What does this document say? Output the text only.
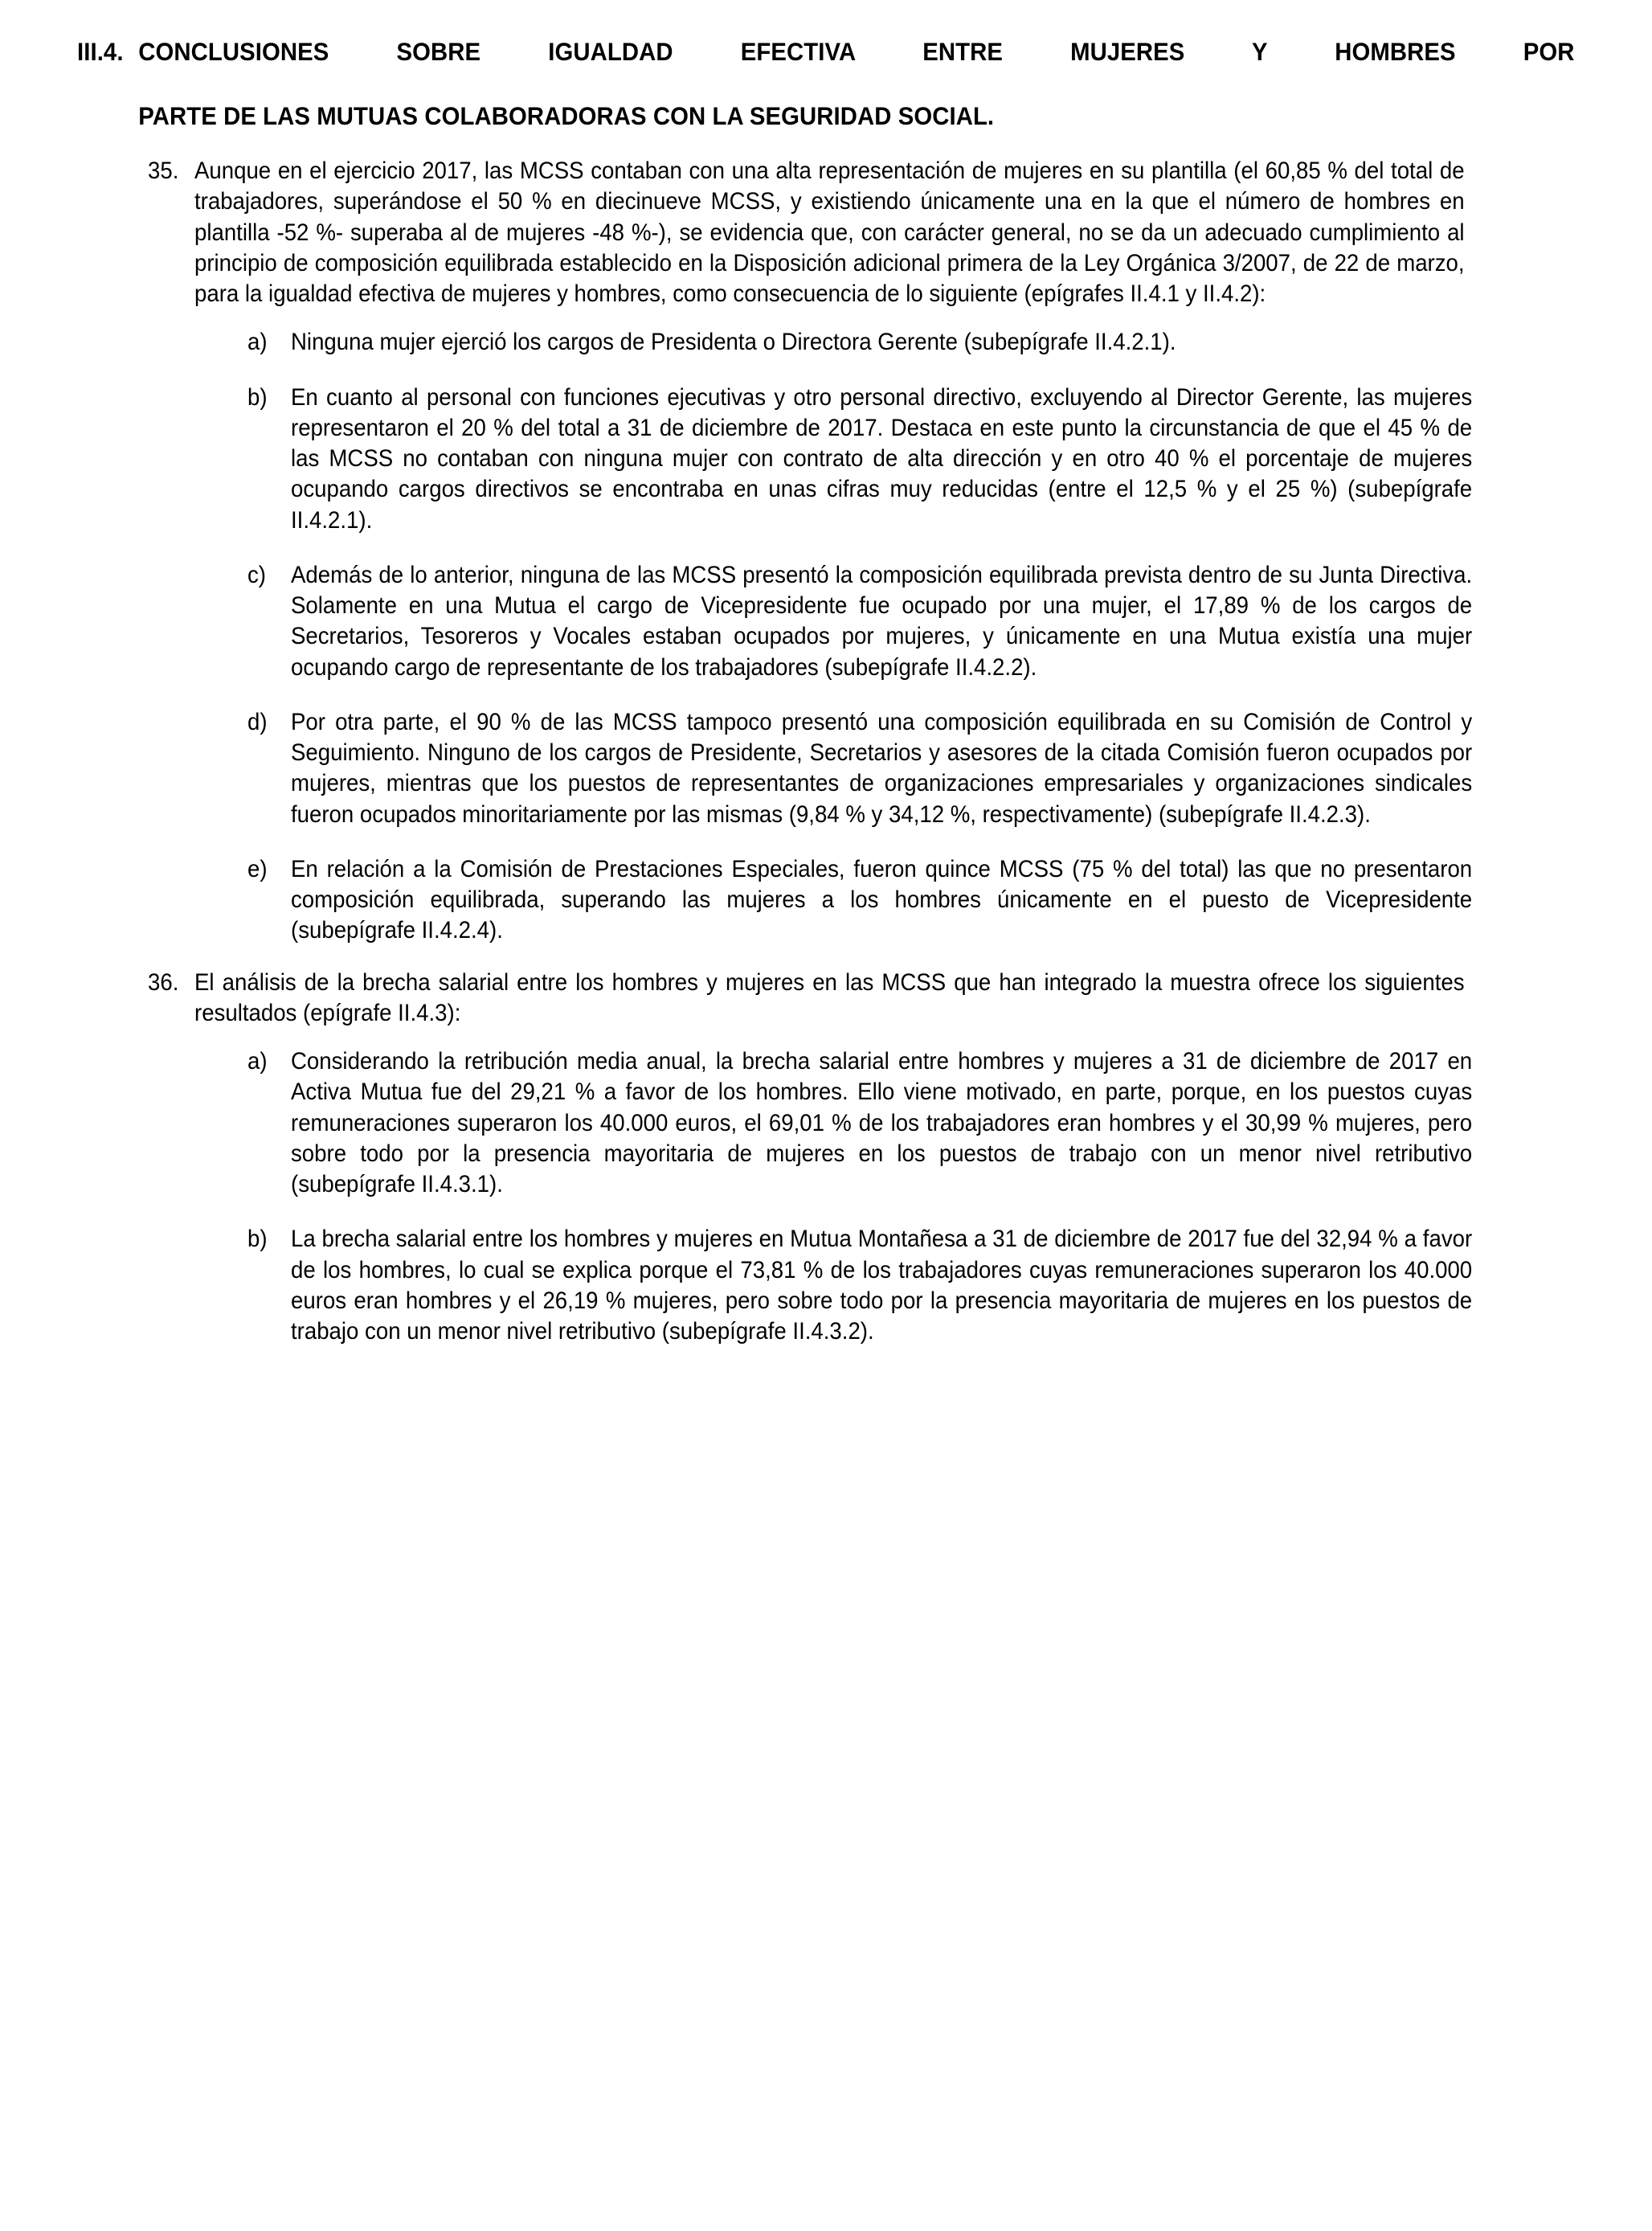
III.4. CONCLUSIONES SOBRE IGUALDAD EFECTIVA ENTRE MUJERES Y HOMBRES POR
PARTE DE LAS MUTUAS COLABORADORAS CON LA SEGURIDAD SOCIAL.
35. Aunque en el ejercicio 2017, las MCSS contaban con una alta representación de mujeres en su plantilla (el 60,85 % del total de trabajadores, superándose el 50 % en diecinueve MCSS, y existiendo únicamente una en la que el número de hombres en plantilla -52 %- superaba al de mujeres -48 %-), se evidencia que, con carácter general, no se da un adecuado cumplimiento al principio de composición equilibrada establecido en la Disposición adicional primera de la Ley Orgánica 3/2007, de 22 de marzo, para la igualdad efectiva de mujeres y hombres, como consecuencia de lo siguiente (epígrafes II.4.1 y II.4.2):
a) Ninguna mujer ejerció los cargos de Presidenta o Directora Gerente (subepígrafe II.4.2.1).
b) En cuanto al personal con funciones ejecutivas y otro personal directivo, excluyendo al Director Gerente, las mujeres representaron el 20 % del total a 31 de diciembre de 2017. Destaca en este punto la circunstancia de que el 45 % de las MCSS no contaban con ninguna mujer con contrato de alta dirección y en otro 40 % el porcentaje de mujeres ocupando cargos directivos se encontraba en unas cifras muy reducidas (entre el 12,5 % y el 25 %) (subepígrafe II.4.2.1).
c)	Además de lo anterior, ninguna de las MCSS presentó la composición equilibrada prevista dentro de su Junta Directiva. Solamente en una Mutua el cargo de Vicepresidente fue ocupado por una mujer, el 17,89 % de los cargos de Secretarios, Tesoreros y Vocales estaban ocupados por mujeres, y únicamente en una Mutua existía una mujer ocupando cargo de representante de los trabajadores (subepígrafe II.4.2.2).
d) Por otra parte, el 90 % de las MCSS tampoco presentó una composición equilibrada en su Comisión de Control y Seguimiento. Ninguno de los cargos de Presidente, Secretarios y asesores de la citada Comisión fueron ocupados por mujeres, mientras que los puestos de representantes de organizaciones empresariales y organizaciones sindicales fueron ocupados minoritariamente por las mismas (9,84 % y 34,12 %, respectivamente) (subepígrafe II.4.2.3).
e) En relación a la Comisión de Prestaciones Especiales, fueron quince MCSS (75 % del total) las que no presentaron composición equilibrada, superando las mujeres a los hombres únicamente en el puesto de Vicepresidente (subepígrafe II.4.2.4).
36. El análisis de la brecha salarial entre los hombres y mujeres en las MCSS que han integrado la muestra ofrece los siguientes resultados (epígrafe II.4.3):
a) Considerando la retribución media anual, la brecha salarial entre hombres y mujeres a 31 de diciembre de 2017 en Activa Mutua fue del 29,21 % a favor de los hombres. Ello viene motivado, en parte, porque, en los puestos cuyas remuneraciones superaron los 40.000 euros, el 69,01 % de los trabajadores eran hombres y el 30,99 % mujeres, pero sobre todo por la presencia mayoritaria de mujeres en los puestos de trabajo con un menor nivel retributivo (subepígrafe II.4.3.1).
b) La brecha salarial entre los hombres y mujeres en Mutua Montañesa a 31 de diciembre de 2017 fue del 32,94 % a favor de los hombres, lo cual se explica porque el 73,81 % de los trabajadores cuyas remuneraciones superaron los 40.000 euros eran hombres y el 26,19 % mujeres, pero sobre todo por la presencia mayoritaria de mujeres en los puestos de trabajo con un menor nivel retributivo (subepígrafe II.4.3.2).
